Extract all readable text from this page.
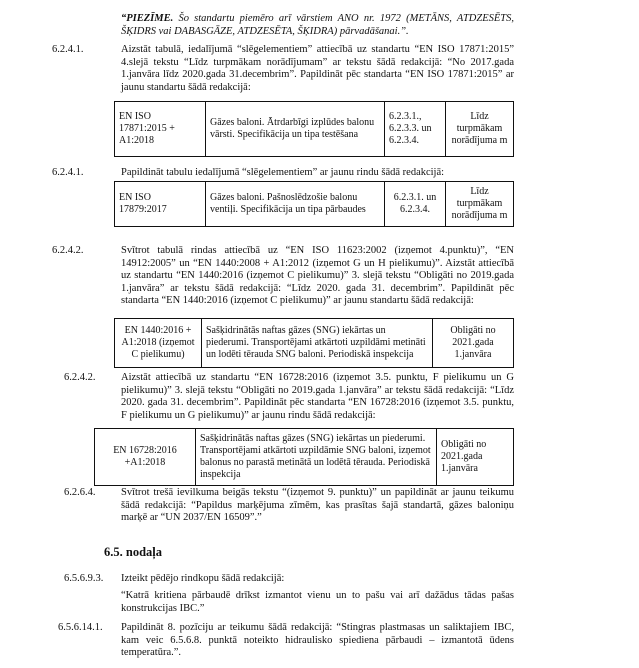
“PIEZĪME. Šo standartu piemēro arī vārstiem ANO nr. 1972 (METĀNS, ATDZESĒTS, ŠĶIDRS vai DABASGĀZE, ATDZESĒTA, ŠĶIDRA) pārvadāšanai.”.
6.2.4.1.	Aizstāt tabulā, iedalījumā “slēgelementiem” attiecībā uz standartu “EN ISO 17871:2015” 4.slejā tekstu “Līdz turpmākam norādījumam” ar tekstu šādā redakcijā: “No 2017.gada 1.janvāra līdz 2020.gada 31.decembrim”. Papildināt pēc standarta “EN ISO 17871:2015” ar jaunu standartu šādā redakcijā:
EN ISO 17871:2015 + A1:2018	Gāzes baloni. Ātrdarbīgi izplūdes balonu vārsti. Specifikācija un tipa testēšana	6.2.3.1., 6.2.3.3. un 6.2.3.4.	Līdz turpmākam norādījuma m
6.2.4.1.	Papildināt tabulu iedalījumā “slēgelementiem” ar jaunu rindu šādā redakcijā:
EN ISO 17879:2017	Gāzes baloni. Pašnoslēdzošie balonu ventiļi. Specifikācija un tipa pārbaudes	6.2.3.1. un 6.2.3.4.	Līdz turpmākam norādījuma m
6.2.4.2.	Svītrot tabulā rindas attiecībā uz “EN ISO 11623:2002 (izņemot 4.punktu)”, “EN 14912:2005” un “EN 1440:2008 + A1:2012 (izņemot G un H pielikumu)”. Aizstāt attiecībā uz standartu “EN 1440:2016 (izņemot C pielikumu)” 3. slejā tekstu “Obligāti no 2019.gada 1.janvāra” ar tekstu šādā redakcijā: “Līdz 2020. gada 31. decembrim”. Papildināt pēc standarta “EN 1440:2016 (izņemot C pielikumu)” ar jaunu standartu šādā redakcijā:
EN 1440:2016 + A1:2018 (izņemot C pielikumu)	Sašķidrinātās naftas gāzes (SNG) iekārtas un piederumi. Transportējami atkārtoti uzpildāmi metināti un lodēti tērauda SNG baloni. Periodiskā inspekcija	Obligāti no 2021.gada 1.janvāra
6.2.4.2. Aizstāt attiecībā uz standartu “EN 16728:2016 (izņemot 3.5. punktu, F pielikumu un G pielikumu)” 3. slejā tekstu “Obligāti no 2019.gada 1.janvāra” ar tekstu šādā redakcijā: “Līdz 2020. gada 31. decembrim”. Papildināt pēc standarta “EN 16728:2016 (izņemot 3.5. punktu, F pielikumu un G pielikumu)” ar jaunu rindu šādā redakcijā:
EN 16728:2016 +A1:2018	Sašķidrinātās naftas gāzes (SNG) iekārtas un piederumi. Transportējami atkārtoti uzpildāmie SNG baloni, izņemot balonus no parastā metinātā un lodētā tērauda. Periodiskā inspekcija	Obligāti no 2021.gada 1.janvāra
6.2.6.4. Svītrot trešā ievilkuma beigās tekstu “(izņemot 9. punktu)” un papildināt ar jaunu teikumu šādā redakcijā: “Papildus marķējuma zīmēm, kas prasītas šajā standartā, gāzes baloniņu marķē ar “UN 2037/EN 16509”.”
6.5. nodaļa
6.5.6.9.3. Izteikt pēdējo rindkopu šādā redakcijā:
“Katrā kritiena pārbaudē drīkst izmantot vienu un to pašu vai arī dažādus tādas pašas konstrukcijas IBC.”
6.5.6.14.1. Papildināt 8. pozīciju ar teikumu šādā redakcijā: “Stingras plastmasas un saliktajiem IBC, kam veic 6.5.6.8. punktā noteikto hidraulisko spiediena pārbaudi – izmantotā ūdens temperatūra.”.
